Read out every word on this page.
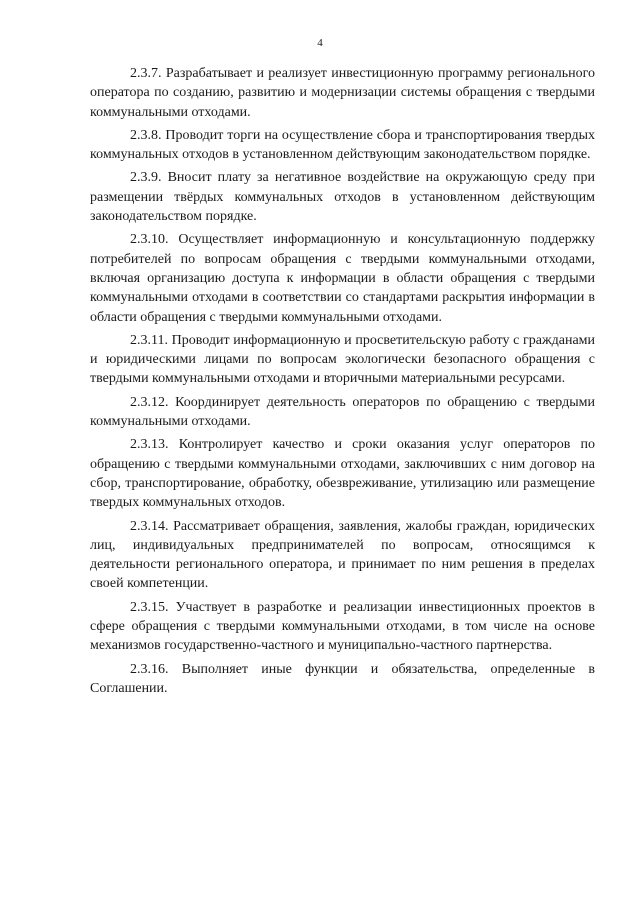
4

2.3.7. Разрабатывает и реализует инвестиционную программу регионального оператора по созданию, развитию и модернизации системы обращения с твердыми коммунальными отходами.

2.3.8. Проводит торги на осуществление сбора и транспортирования твердых коммунальных отходов в установленном действующим законодательством порядке.

2.3.9. Вносит плату за негативное воздействие на окружающую среду при размещении твёрдых коммунальных отходов в установленном действующим законодательством порядке.

2.3.10. Осуществляет информационную и консультационную поддержку потребителей по вопросам обращения с твердыми коммунальными отходами, включая организацию доступа к информации в области обращения с твердыми коммунальными отходами в соответствии со стандартами раскрытия информации в области обращения с твердыми коммунальными отходами.

2.3.11. Проводит информационную и просветительскую работу с гражданами и юридическими лицами по вопросам экологически безопасного обращения с твердыми коммунальными отходами и вторичными материальными ресурсами.

2.3.12. Координирует деятельность операторов по обращению с твердыми коммунальными отходами.

2.3.13. Контролирует качество и сроки оказания услуг операторов по обращению с твердыми коммунальными отходами, заключивших с ним договор на сбор, транспортирование, обработку, обезвреживание, утилизацию или размещение твердых коммунальных отходов.

2.3.14. Рассматривает обращения, заявления, жалобы граждан, юридических лиц, индивидуальных предпринимателей по вопросам, относящимся к деятельности регионального оператора, и принимает по ним решения в пределах своей компетенции.

2.3.15. Участвует в разработке и реализации инвестиционных проектов в сфере обращения с твердыми коммунальными отходами, в том числе на основе механизмов государственно-частного и муниципально-частного партнерства.

2.3.16. Выполняет иные функции и обязательства, определенные в Соглашении.
